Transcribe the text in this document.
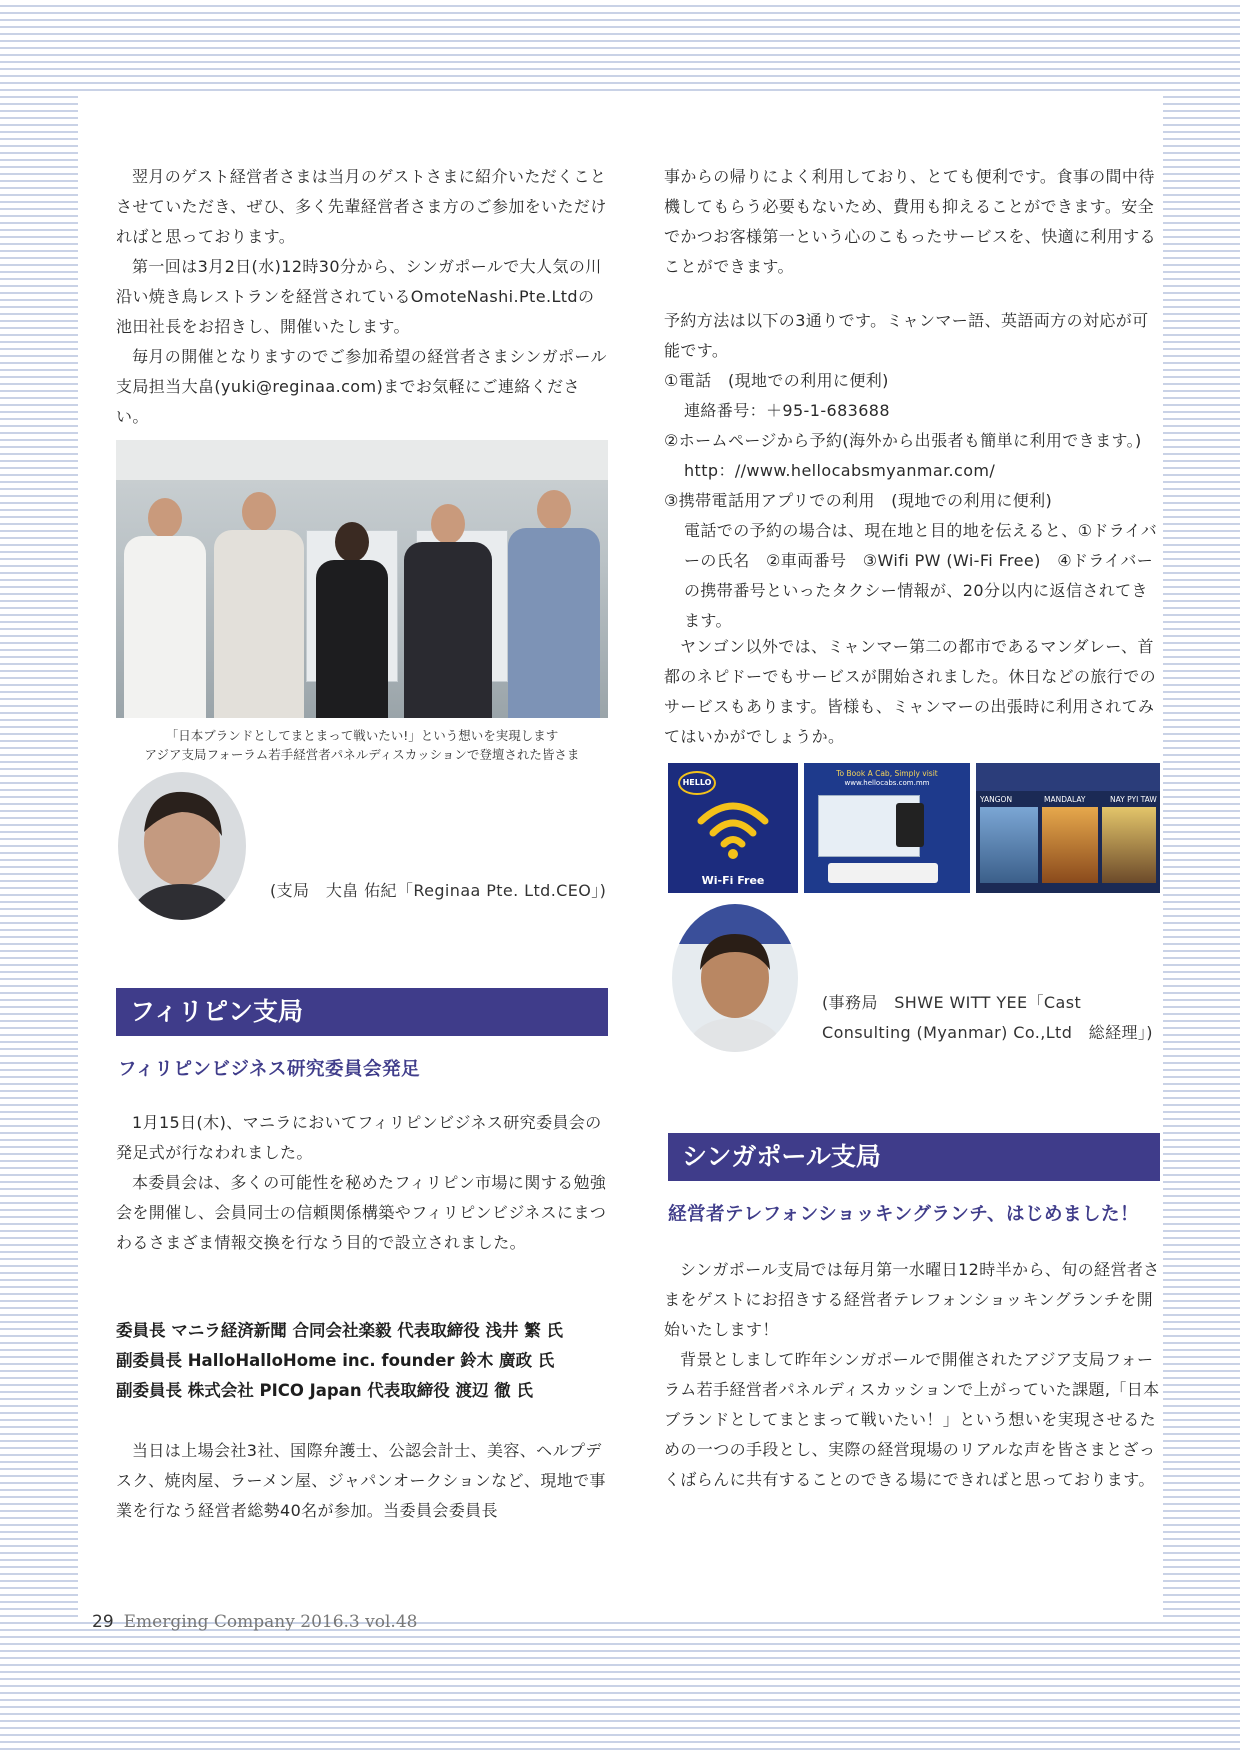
翌月のゲスト経営者さまは当月のゲストさまに紹介いただくことさせていただき、ぜひ、多く先輩経営者さま方のご参加をいただければと思っております。

第一回は3月2日(水)12時30分から、シンガポールで大人気の川沿い焼き鳥レストランを経営されているOmoteNashi.Pte.Ltdの池田社長をお招きし、開催いたします。

毎月の開催となりますのでご参加希望の経営者さまシンガポール支局担当大畠(yuki@reginaa.com)までお気軽にご連絡ください。

「日本ブランドとしてまとまって戦いたい!」という想いを実現します
アジア支局フォーラム若手経営者パネルディスカッションで登壇された皆さま
(支局　大畠 佑紀「Reginaa Pte. Ltd.CEO」)
フィリピン支局
フィリピンビジネス研究委員会発足

1月15日(木)、マニラにおいてフィリピンビジネス研究委員会の発足式が行なわれました。

本委員会は、多くの可能性を秘めたフィリピン市場に関する勉強会を開催し、会員同士の信頼関係構築やフィリピンビジネスにまつわるさまざま情報交換を行なう目的で設立されました。

委員長 マニラ経済新聞 合同会社楽毅 代表取締役 浅井 繁 氏
副委員長 HalloHalloHome inc. founder 鈴木 廣政 氏
副委員長 株式会社 PICO Japan 代表取締役 渡辺 徹 氏

当日は上場会社3社、国際弁護士、公認会計士、美容、ヘルプデスク、焼肉屋、ラーメン屋、ジャパンオークションなど、現地で事業を行なう経営者総勢40名が参加。当委員会委員長

事からの帰りによく利用しており、とても便利です。食事の間中待機してもらう必要もないため、費用も抑えることができます。安全でかつお客様第一という心のこもったサービスを、快適に利用することができます。

予約方法は以下の3通りです。ミャンマー語、英語両方の対応が可能です。

①電話　(現地での利用に便利)
連絡番号：＋95-1-683688
②ホームページから予約(海外から出張者も簡単に利用できます。)
http：//www.hellocabsmyanmar.com/
③携帯電話用アプリでの利用　(現地での利用に便利)
電話での予約の場合は、現在地と目的地を伝えると、①ドライバーの氏名　②車両番号　③Wifi PW (Wi-Fi Free)　④ドライバーの携帯番号といったタクシー情報が、20分以内に返信されてきます。

ヤンゴン以外では、ミャンマー第二の都市であるマンダレー、首都のネピドーでもサービスが開始されました。休日などの旅行でのサービスもあります。皆様も、ミャンマーの出張時に利用されてみてはいかがでしょうか。

HELLO
Wi-Fi Free
To Book A Cab, Simply visit
www.hellocabs.com.mm
YANGON	MANDALAY	NAY PYI TAW
(事務局　SHWE WITT YEE「Cast
Consulting (Myanmar) Co.,Ltd　総経理」)
シンガポール支局
経営者テレフォンショッキングランチ、はじめました！

シンガポール支局では毎月第一水曜日12時半から、旬の経営者さまをゲストにお招きする経営者テレフォンショッキングランチを開始いたします！

背景としまして昨年シンガポールで開催されたアジア支局フォーラム若手経営者パネルディスカッションで上がっていた課題,「日本ブランドとしてまとまって戦いたい！」という想いを実現させるための一つの手段とし、実際の経営現場のリアルな声を皆さまとざっくばらんに共有することのできる場にできればと思っております。

29 Emerging Company 2016.3 vol.48
